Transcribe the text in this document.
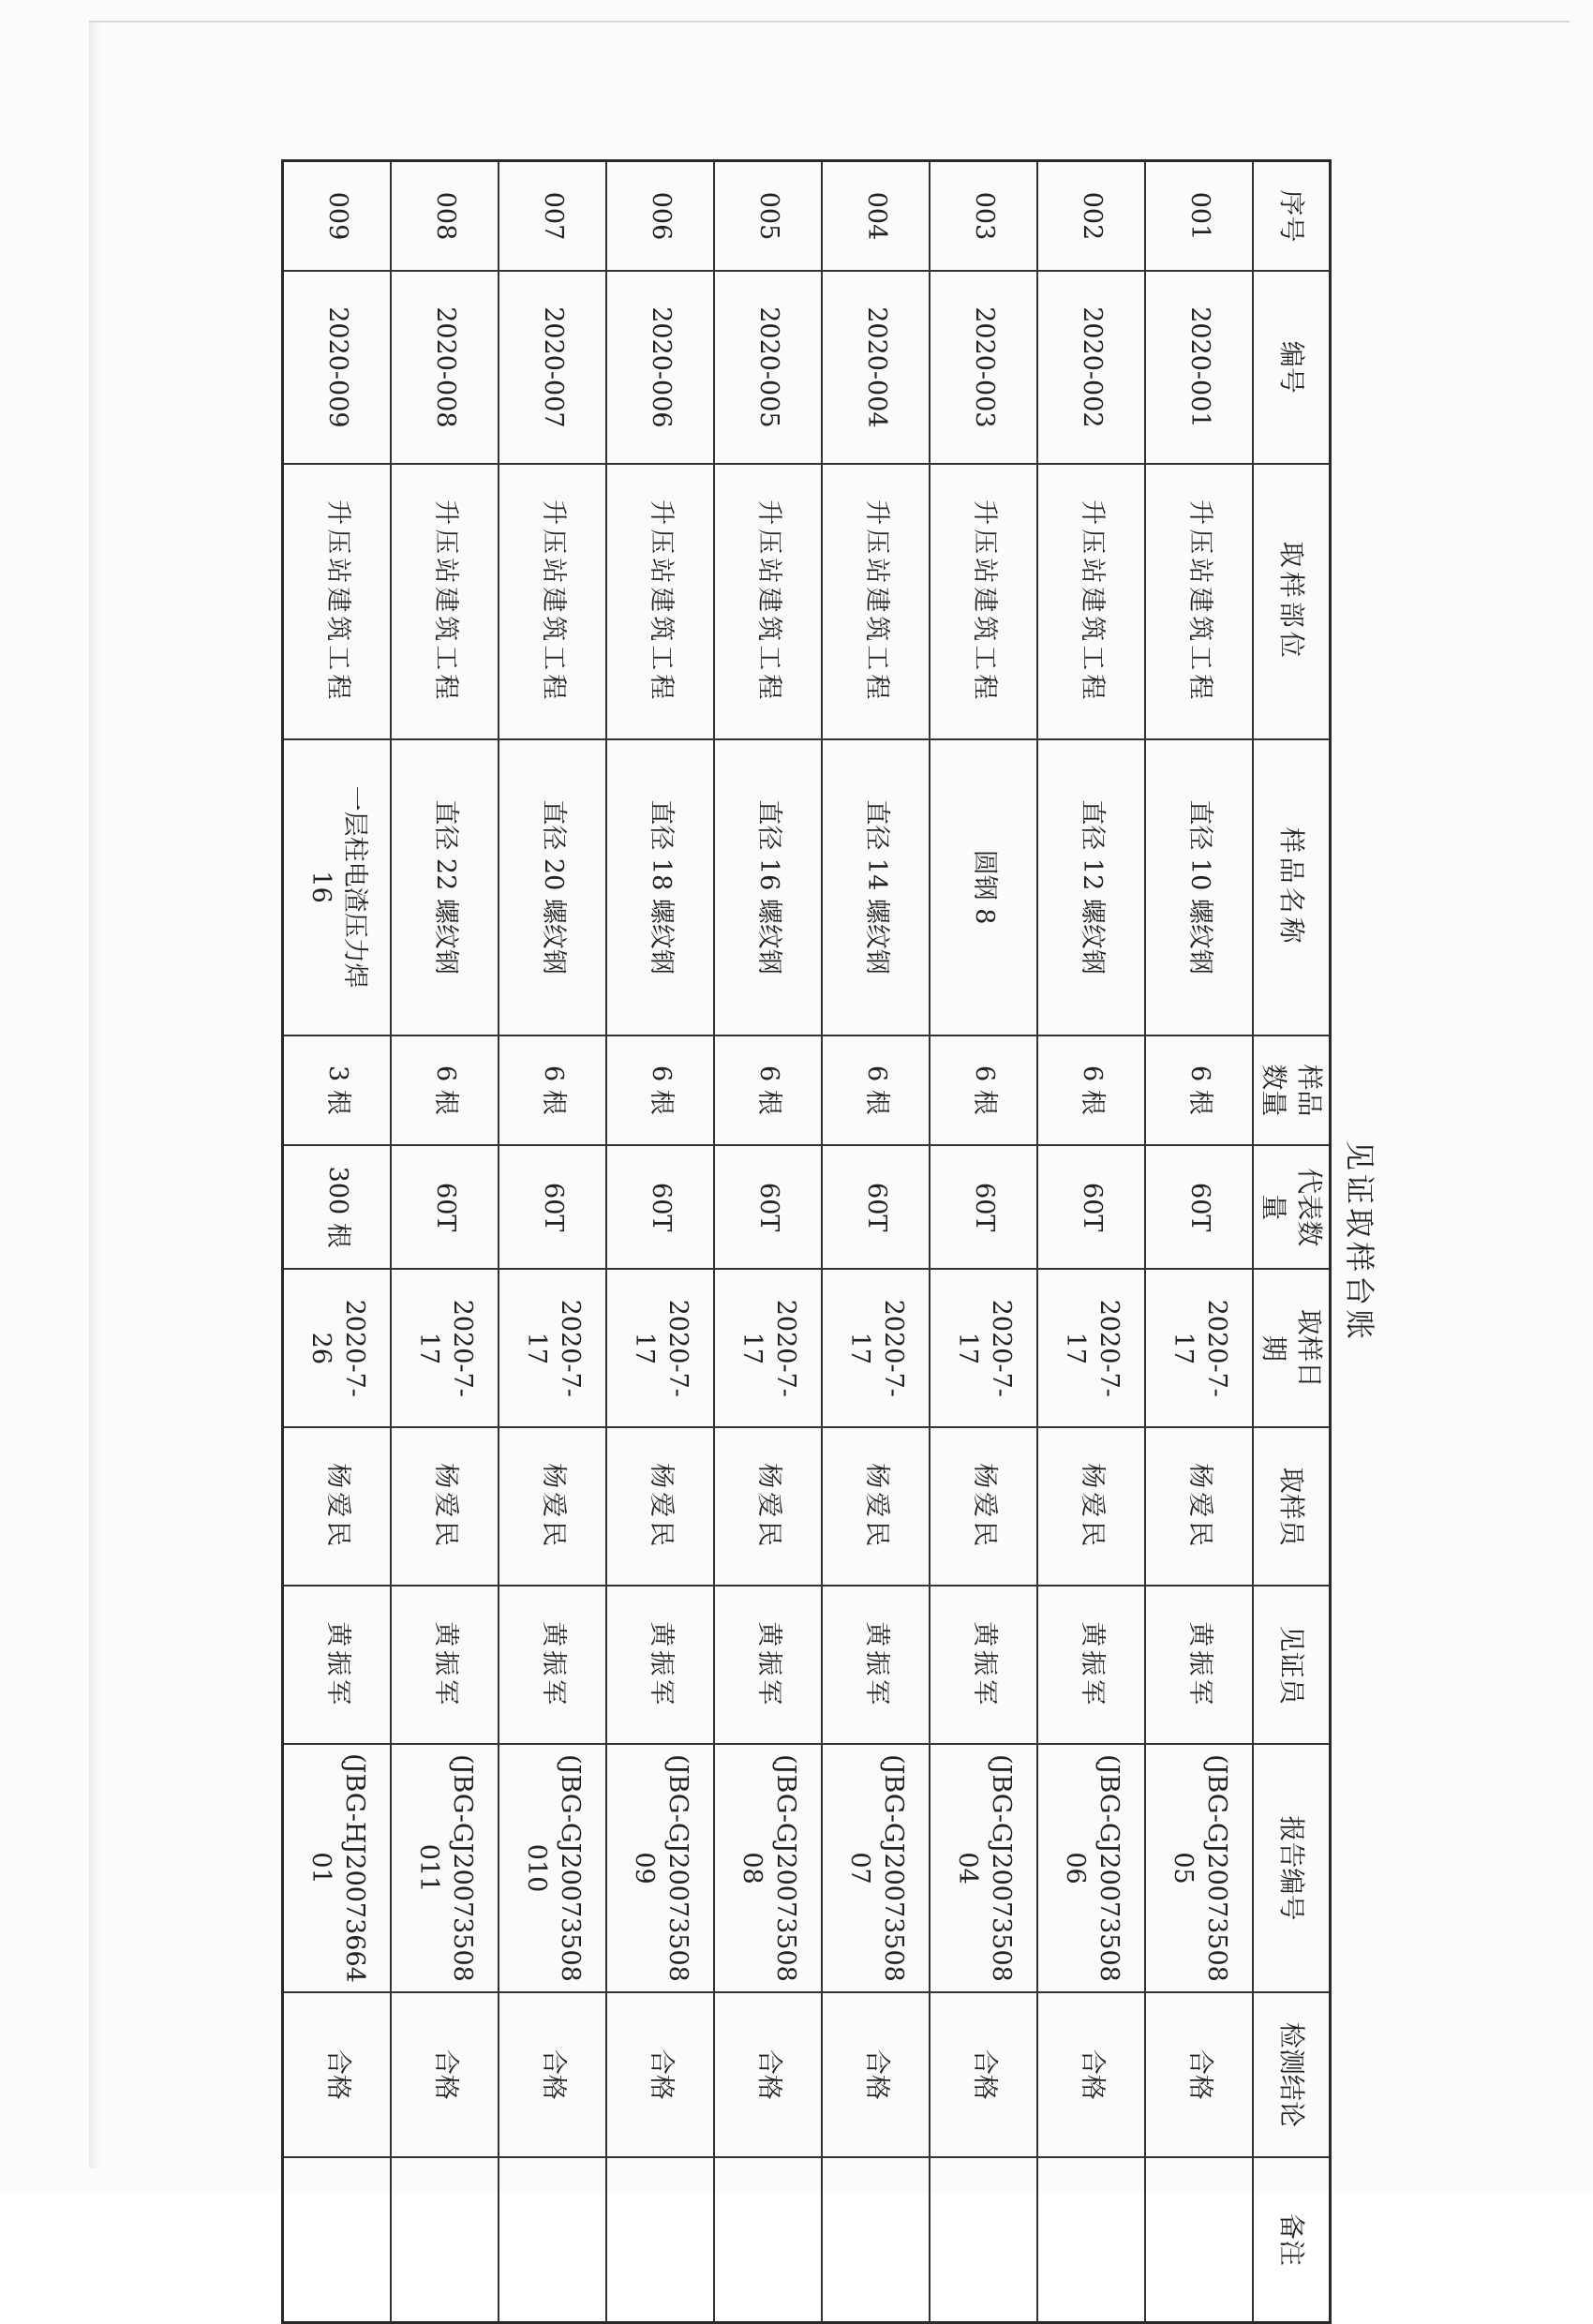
见证取样台账
序号	编号	取样部位	样品名称	样品
数量	代表数
量	取样日
期	取样员	见证员	报告编号	检测结论	备注
001	2020-001	升压站建筑工程	直径 10 螺纹钢	6 根	60T	2020-7-
17	杨爱民	黄振军	(JBG-GJ20073508
05	合格	
002	2020-002	升压站建筑工程	直径 12 螺纹钢	6 根	60T	2020-7-
17	杨爱民	黄振军	(JBG-GJ20073508
06	合格	
003	2020-003	升压站建筑工程	圆钢 8	6 根	60T	2020-7-
17	杨爱民	黄振军	(JBG-GJ20073508
04	合格	
004	2020-004	升压站建筑工程	直径 14 螺纹钢	6 根	60T	2020-7-
17	杨爱民	黄振军	(JBG-GJ20073508
07	合格	
005	2020-005	升压站建筑工程	直径 16 螺纹钢	6 根	60T	2020-7-
17	杨爱民	黄振军	(JBG-GJ20073508
08	合格	
006	2020-006	升压站建筑工程	直径 18 螺纹钢	6 根	60T	2020-7-
17	杨爱民	黄振军	(JBG-GJ20073508
09	合格	
007	2020-007	升压站建筑工程	直径 20 螺纹钢	6 根	60T	2020-7-
17	杨爱民	黄振军	(JBG-GJ20073508
010	合格	
008	2020-008	升压站建筑工程	直径 22 螺纹钢	6 根	60T	2020-7-
17	杨爱民	黄振军	(JBG-GJ20073508
011	合格	
009	2020-009	升压站建筑工程	一层柱电渣压力焊
16	3 根	300 根	2020-7-
26	杨爱民	黄振军	(JBG-HJ20073664
01	合格	
